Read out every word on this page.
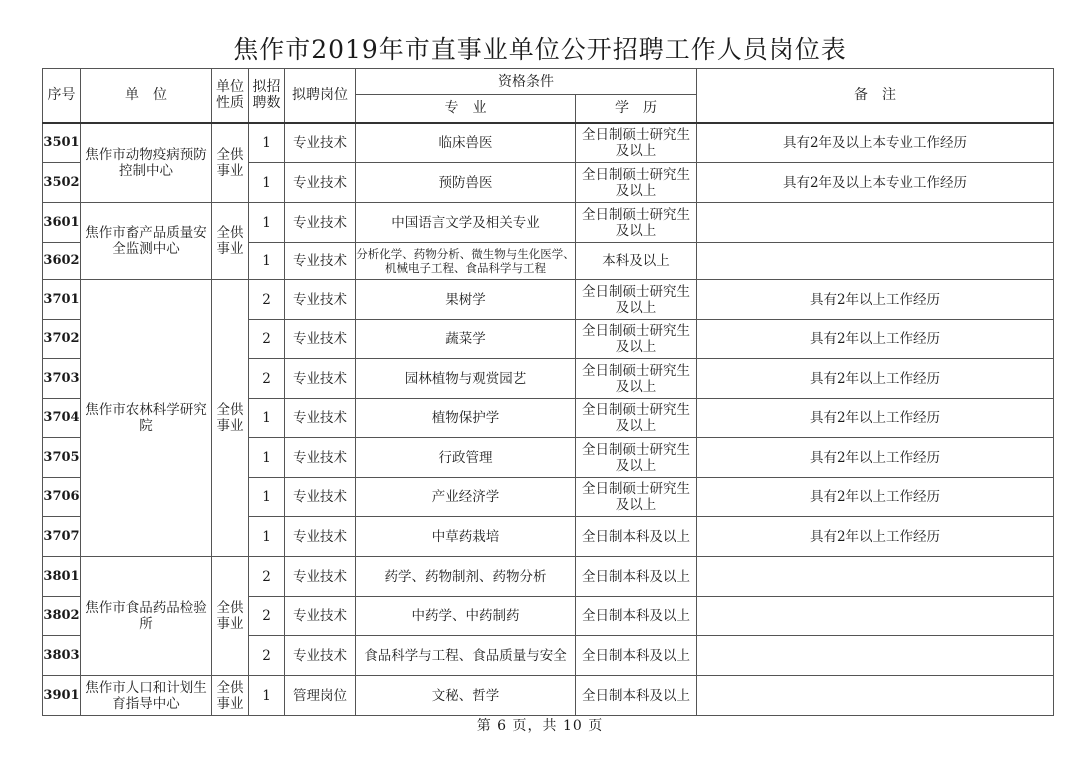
焦作市2019年市直事业单位公开招聘工作人员岗位表
序号	单　位	单位性质	拟招聘数	拟聘岗位	资格条件		备　注
					专　业	学　历	
3501	焦作市动物疫病预防控制中心	全供事业	1	专业技术	临床兽医	全日制硕士研究生及以上	具有2年及以上本专业工作经历
3502			1	专业技术	预防兽医	全日制硕士研究生及以上	具有2年及以上本专业工作经历
3601	焦作市畜产品质量安全监测中心	全供事业	1	专业技术	中国语言文学及相关专业	全日制硕士研究生及以上	
3602			1	专业技术	分析化学、药物分析、微生物与生化医学、机械电子工程、食品科学与工程	本科及以上	
3701	焦作市农林科学研究院	全供事业	2	专业技术	果树学	全日制硕士研究生及以上	具有2年以上工作经历
3702			2	专业技术	蔬菜学	全日制硕士研究生及以上	具有2年以上工作经历
3703			2	专业技术	园林植物与观赏园艺	全日制硕士研究生及以上	具有2年以上工作经历
3704			1	专业技术	植物保护学	全日制硕士研究生及以上	具有2年以上工作经历
3705			1	专业技术	行政管理	全日制硕士研究生及以上	具有2年以上工作经历
3706			1	专业技术	产业经济学	全日制硕士研究生及以上	具有2年以上工作经历
3707			1	专业技术	中草药栽培	全日制本科及以上	具有2年以上工作经历
3801	焦作市食品药品检验所	全供事业	2	专业技术	药学、药物制剂、药物分析	全日制本科及以上	
3802			2	专业技术	中药学、中药制药	全日制本科及以上	
3803			2	专业技术	食品科学与工程、食品质量与安全	全日制本科及以上	
3901	焦作市人口和计划生育指导中心	全供事业	1	管理岗位	文秘、哲学	全日制本科及以上	
第 6 页，共 10 页
